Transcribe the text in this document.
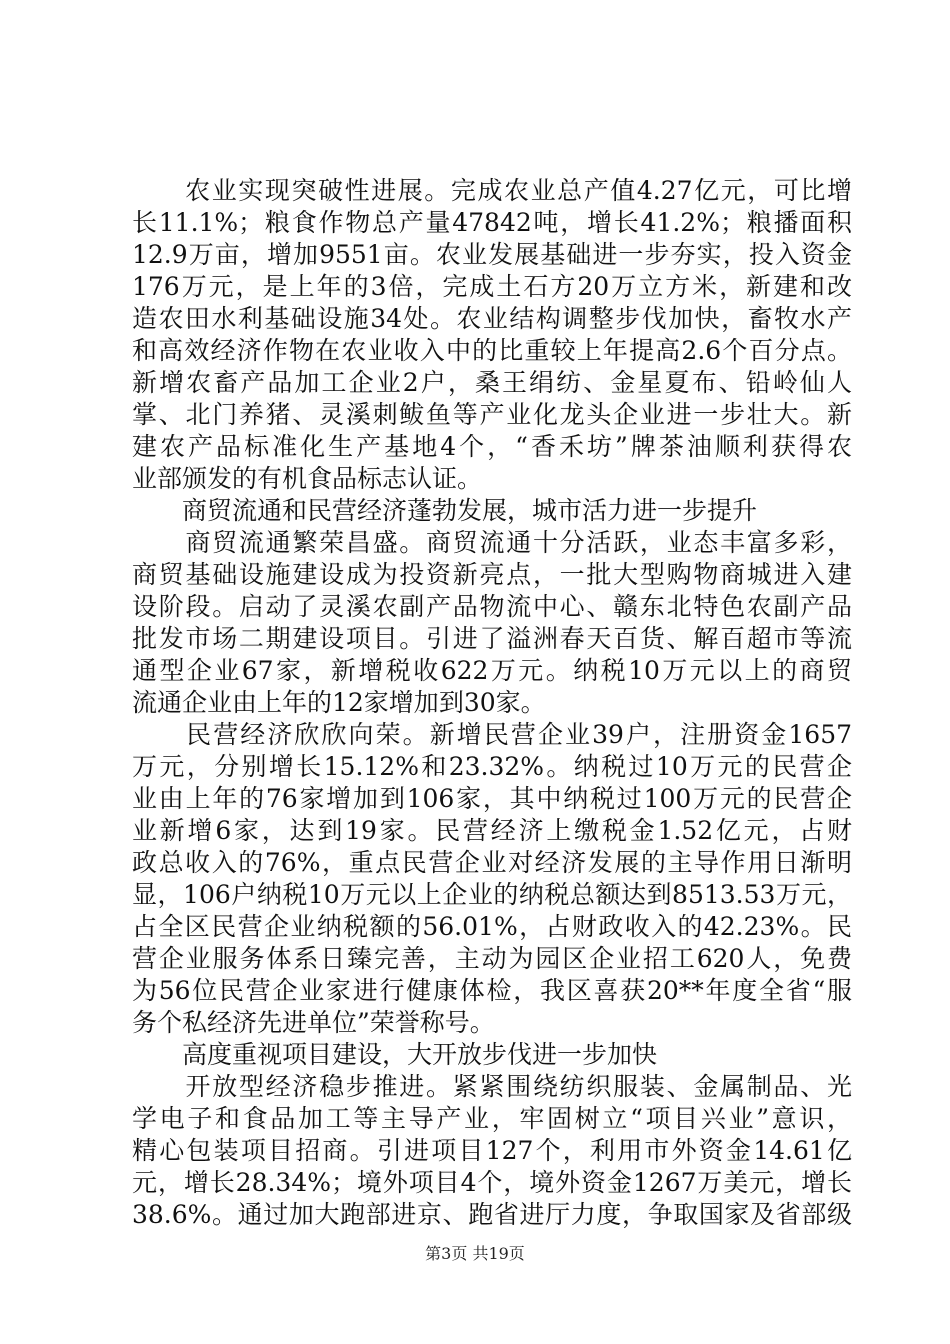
　　农业实现突破性进展。完成农业总产值4.27亿元，可比增
长11.1%；粮食作物总产量47842吨，增长41.2%；粮播面积
12.9万亩，增加9551亩。农业发展基础进一步夯实，投入资金
176万元，是上年的3倍，完成土石方20万立方米，新建和改
造农田水利基础设施34处。农业结构调整步伐加快，畜牧水产
和高效经济作物在农业收入中的比重较上年提高2.6个百分点。
新增农畜产品加工企业2户，桑王绢纺、金星夏布、铅岭仙人
掌、北门养猪、灵溪刺鲅鱼等产业化龙头企业进一步壮大。新
建农产品标准化生产基地4个，“香禾坊”牌茶油顺利获得农
业部颁发的有机食品标志认证。
　　商贸流通和民营经济蓬勃发展，城市活力进一步提升
　　商贸流通繁荣昌盛。商贸流通十分活跃，业态丰富多彩，
商贸基础设施建设成为投资新亮点，一批大型购物商城进入建
设阶段。启动了灵溪农副产品物流中心、赣东北特色农副产品
批发市场二期建设项目。引进了溢洲春天百货、解百超市等流
通型企业67家，新增税收622万元。纳税10万元以上的商贸
流通企业由上年的12家增加到30家。
　　民营经济欣欣向荣。新增民营企业39户，注册资金1657
万元，分别增长15.12%和23.32%。纳税过10万元的民营企
业由上年的76家增加到106家，其中纳税过100万元的民营企
业新增6家，达到19家。民营经济上缴税金1.52亿元，占财
政总收入的76%，重点民营企业对经济发展的主导作用日渐明
显，106户纳税10万元以上企业的纳税总额达到8513.53万元，
占全区民营企业纳税额的56.01%，占财政收入的42.23%。民
营企业服务体系日臻完善，主动为园区企业招工620人，免费
为56位民营企业家进行健康体检，我区喜获20**年度全省“服
务个私经济先进单位”荣誉称号。
　　高度重视项目建设，大开放步伐进一步加快
　　开放型经济稳步推进。紧紧围绕纺织服装、金属制品、光
学电子和食品加工等主导产业，牢固树立“项目兴业”意识，
精心包装项目招商。引进项目127个，利用市外资金14.61亿
元，增长28.34%；境外项目4个，境外资金1267万美元，增长
38.6%。通过加大跑部进京、跑省进厅力度，争取国家及省部级
第3页 共19页
